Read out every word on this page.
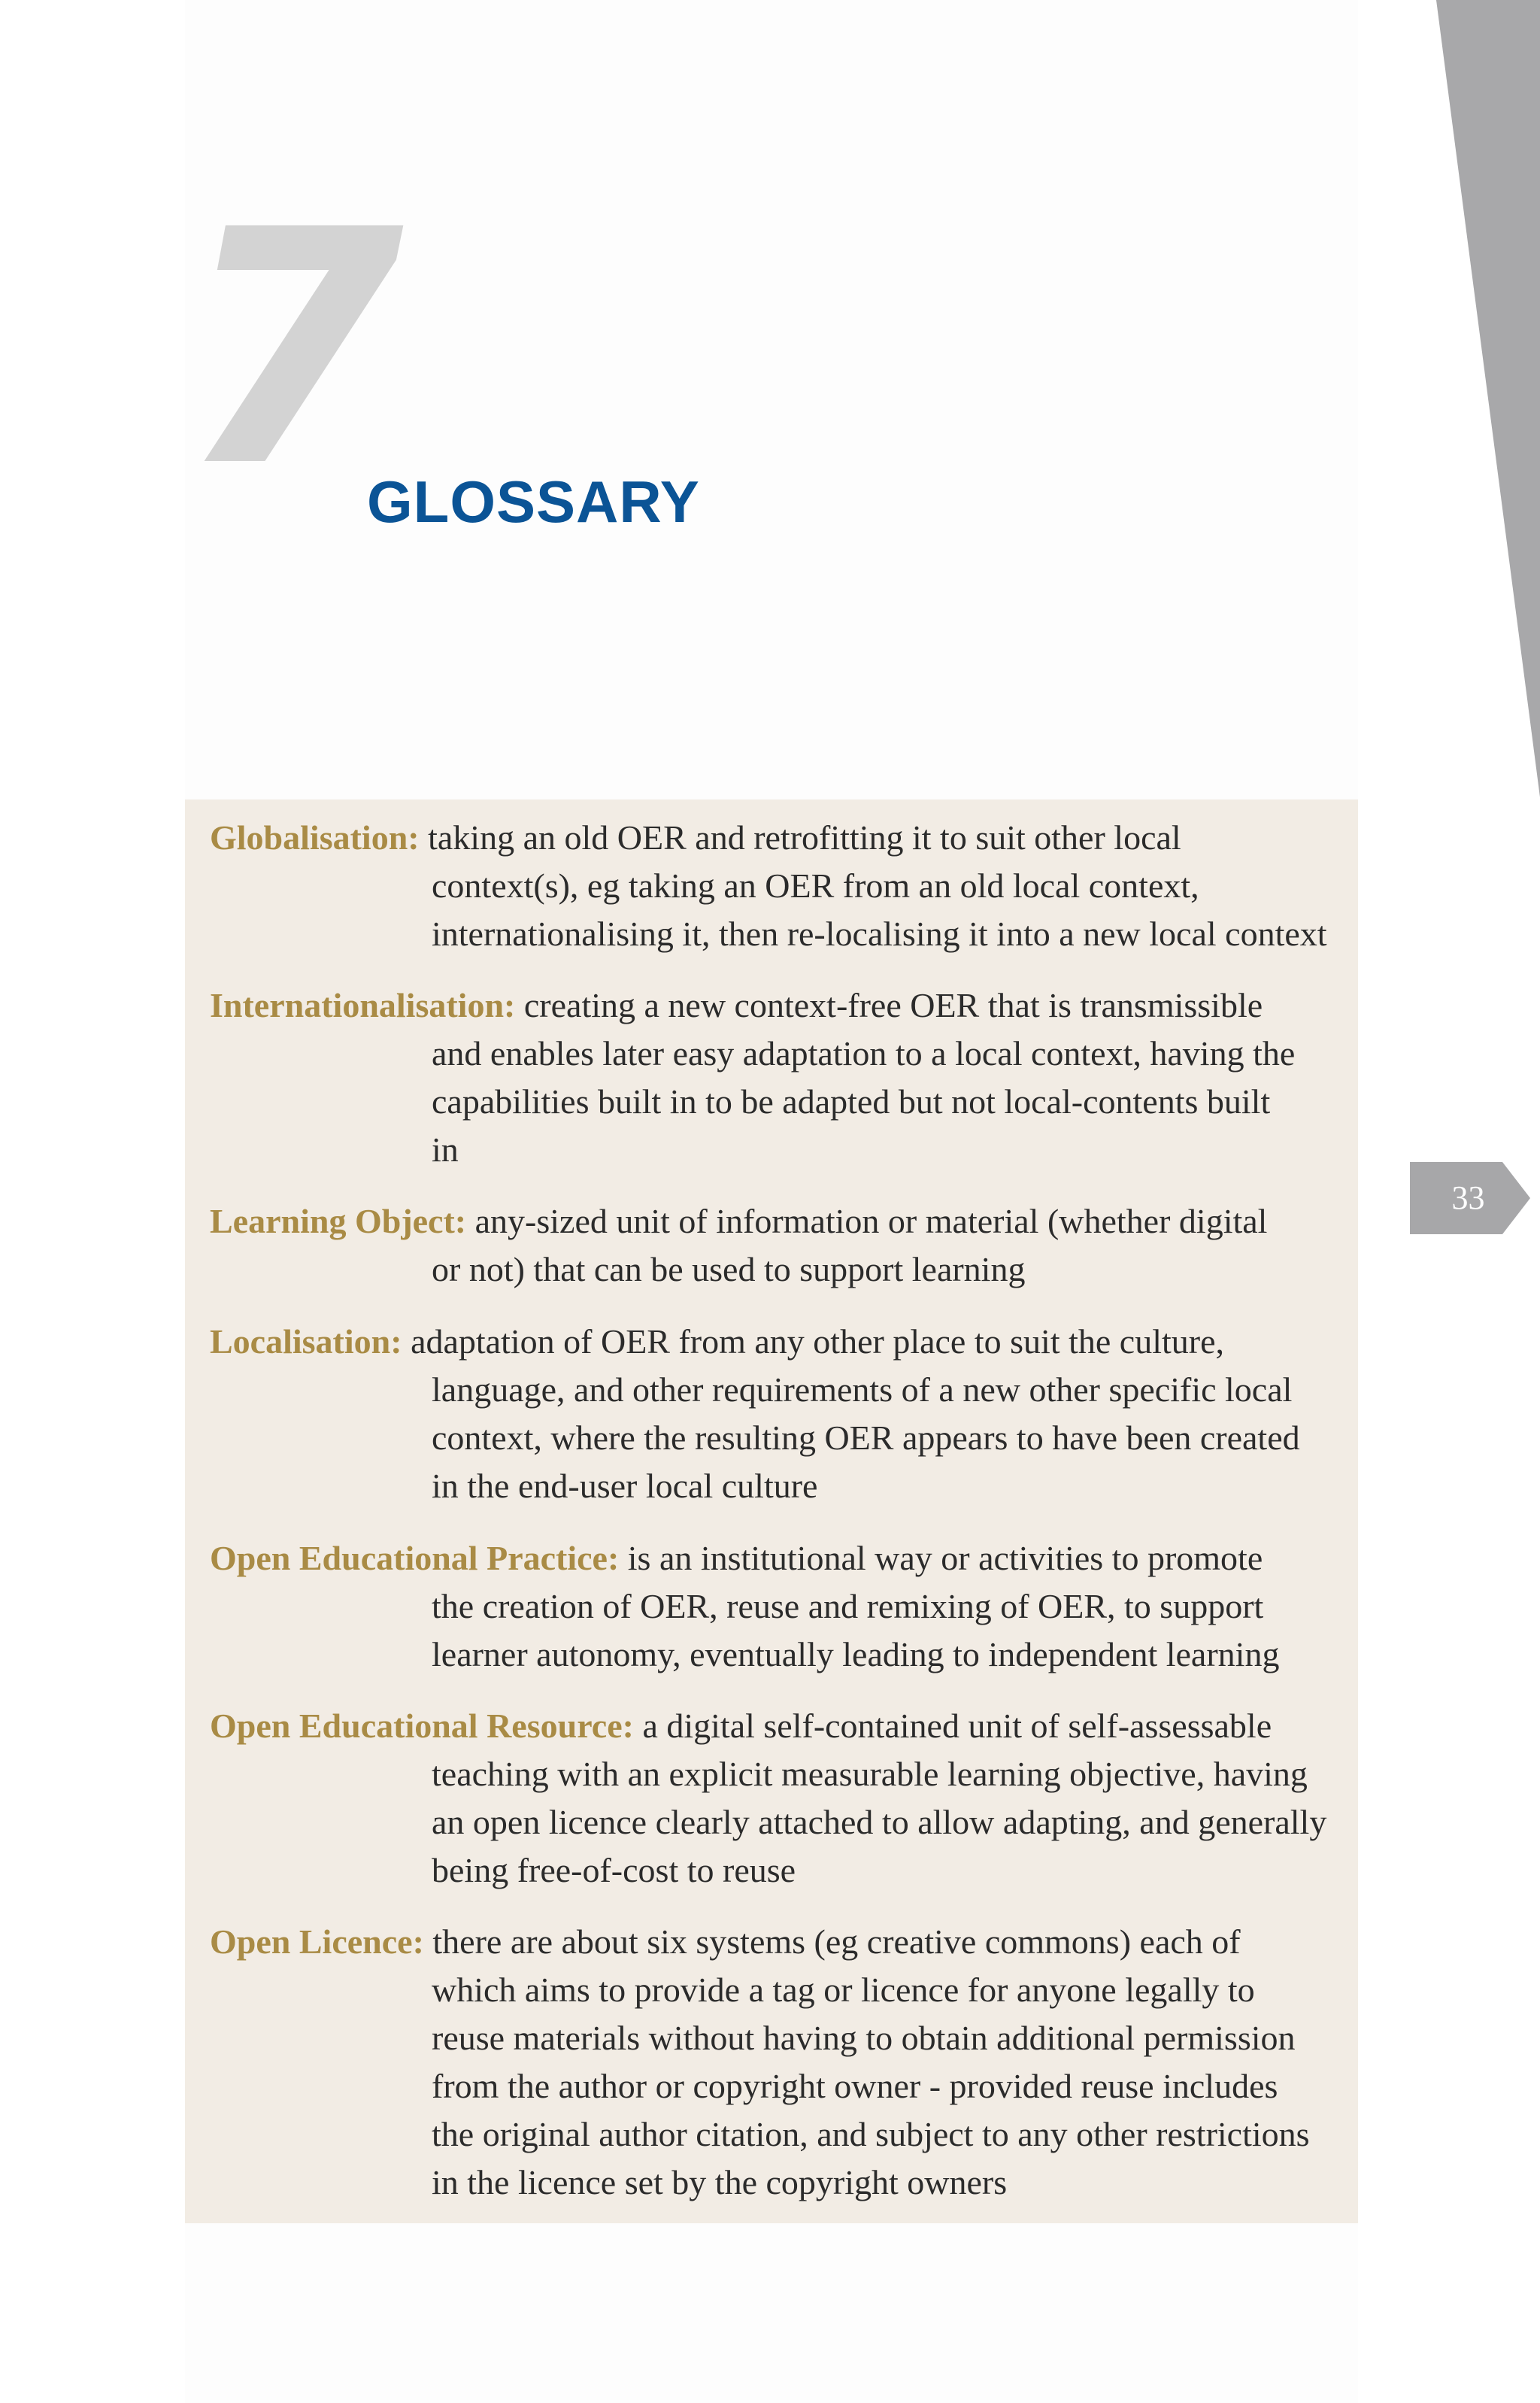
7
GLOSSARY
33
Globalisation: taking an old OER and retrofitting it to suit other local
context(s), eg taking an OER from an old local context,
internationalising it, then re-localising it into a new local context
Internationalisation: creating a new context-free OER that is transmissible
and enables later easy adaptation to a local context, having the
capabilities built in to be adapted but not local-contents built
in
Learning Object: any-sized unit of information or material (whether digital
or not) that can be used to support learning
Localisation: adaptation of OER from any other place to suit the culture,
language, and other requirements of a new other specific local
context, where the resulting OER appears to have been created
in the end-user local culture
Open Educational Practice: is an institutional way or activities to promote
the creation of OER, reuse and remixing of OER, to support
learner autonomy, eventually leading to independent learning
Open Educational Resource: a digital self-contained unit of self-assessable
teaching with an explicit measurable learning objective, having
an open licence clearly attached to allow adapting, and generally
being free-of-cost to reuse
Open Licence: there are about six systems (eg creative commons) each of
which aims to provide a tag or licence for anyone legally to
reuse materials without having to obtain additional permission
from the author or copyright owner - provided reuse includes
the original author citation, and subject to any other restrictions
in the licence set by the copyright owners
